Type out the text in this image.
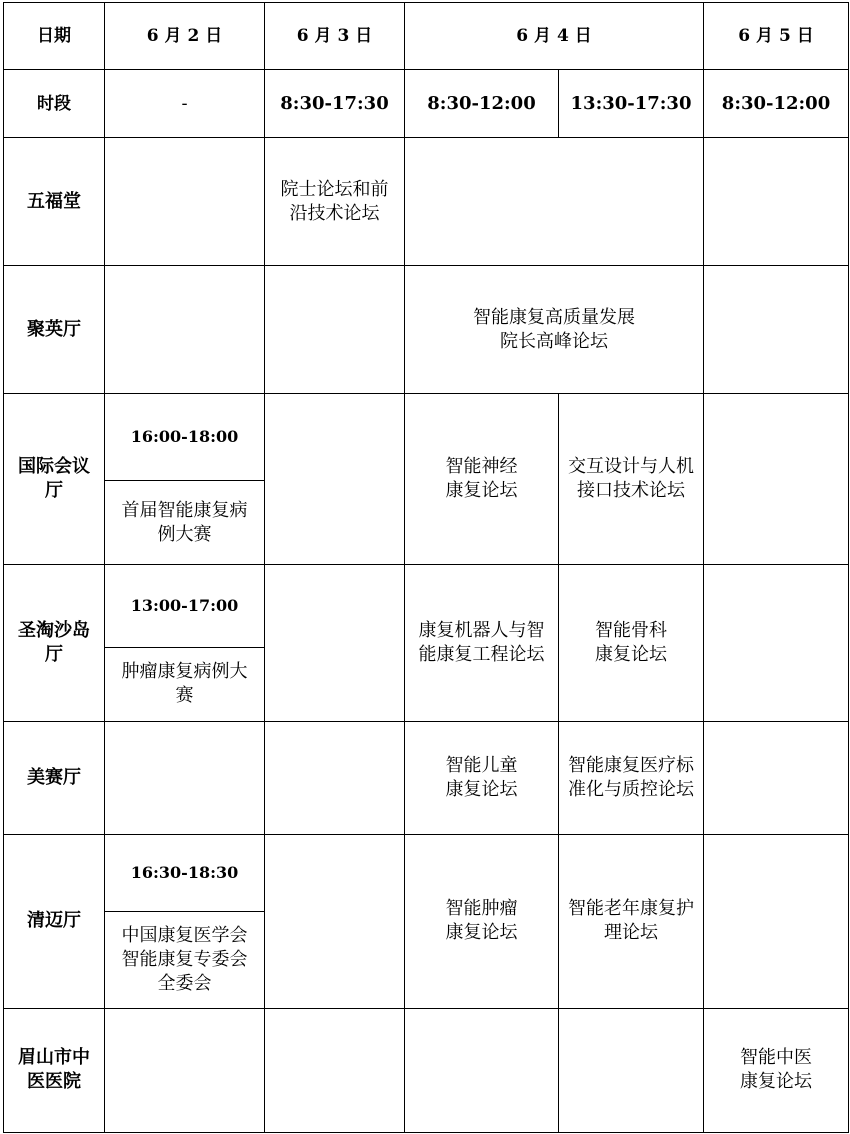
日期	6 月 2 日	6 月 3 日	6 月 4 日		6 月 5 日
时段	-	8:30-17:30	8:30-12:00	13:30-17:30	8:30-12:00
五福堂		院士论坛和前沿技术论坛			
聚英厅			智能康复高质量发展院长高峰论坛		
国际会议厅	16:00-18:00		智能神经康复论坛	交互设计与人机接口技术论坛	
	首届智能康复病例大赛				
圣淘沙岛厅	13:00-17:00		康复机器人与智能康复工程论坛	智能骨科康复论坛	
	肿瘤康复病例大赛				
美赛厅			智能儿童康复论坛	智能康复医疗标准化与质控论坛	
清迈厅	16:30-18:30		智能肿瘤康复论坛	智能老年康复护理论坛	
	中国康复医学会智能康复专委会全委会				
眉山市中医医院					智能中医康复论坛
